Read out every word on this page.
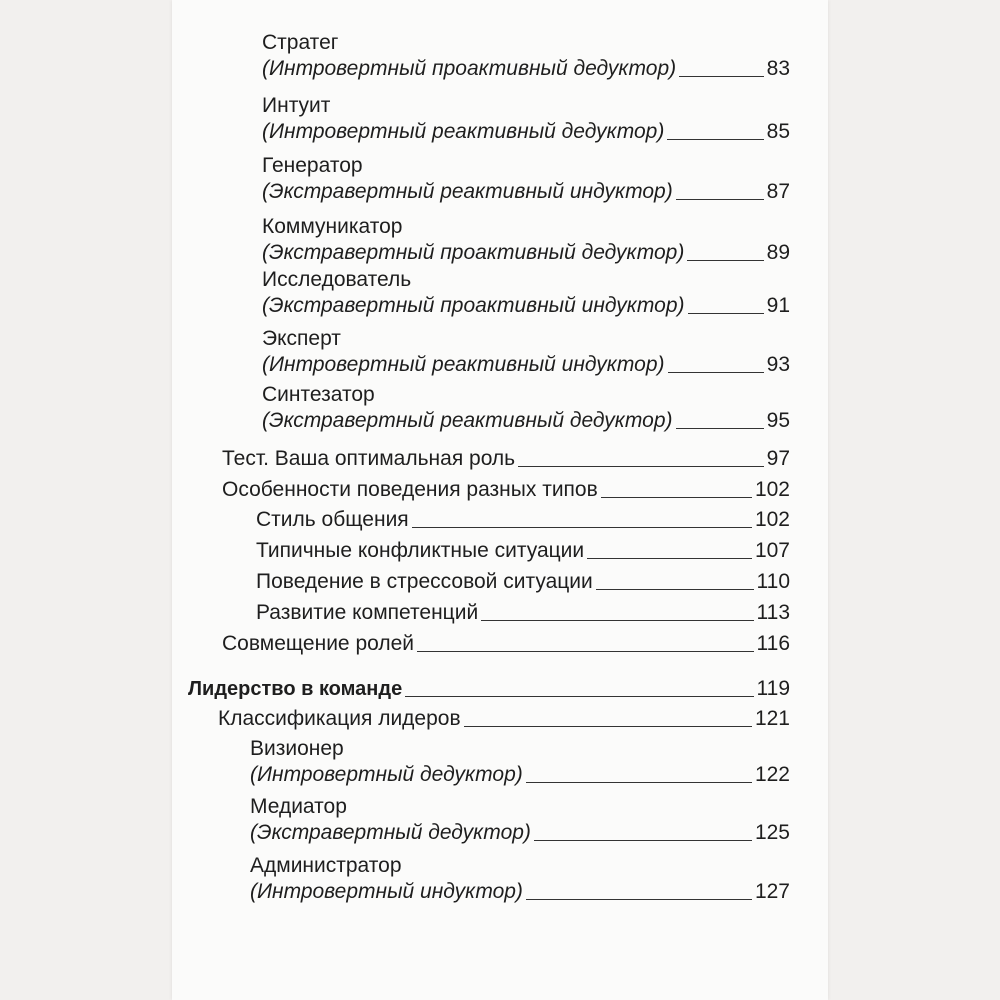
Стратег
(Интровертный проактивный дедуктор)	83
Интуит
(Интровертный реактивный дедуктор)	85
Генератор
(Экстравертный реактивный индуктор)	87
Коммуникатор
(Экстравертный проактивный дедуктор)	89
Исследователь
(Экстравертный проактивный индуктор)	91
Эксперт
(Интровертный реактивный индуктор)	93
Синтезатор
(Экстравертный реактивный дедуктор)	95
Тест. Ваша оптимальная роль	97
Особенности поведения разных типов	102
Стиль общения	102
Типичные конфликтные ситуации	107
Поведение в стрессовой ситуации	110
Развитие компетенций	113
Совмещение ролей	116
Лидерство в команде	119
Классификация лидеров	121
Визионер
(Интровертный дедуктор)	122
Медиатор
(Экстравертный дедуктор)	125
Администратор
(Интровертный индуктор)	127
